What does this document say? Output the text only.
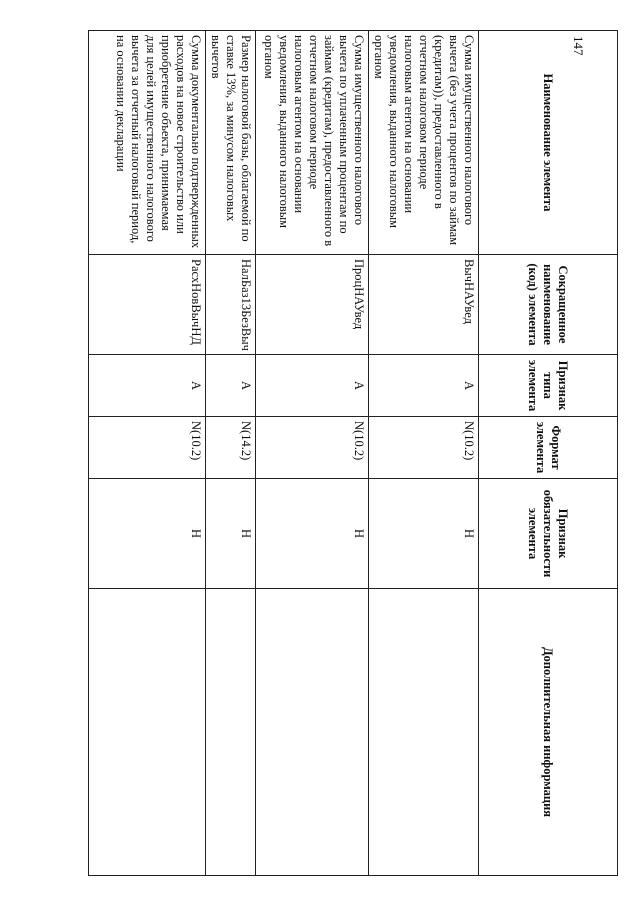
147
Наименование элемента	Сокращенное наименование (код) элемента	Признак типа элемента	Формат элемента	Признак обязательности элемента	Дополнительная информация
Сумма имущественного налогового вычета (без учета процентов по займам (кредитам)), предоставленного в отчетном налоговом периоде налоговым агентом на основании уведомления, выданного налоговым органом	ВычНАУвед	А	N(10.2)	Н	
Сумма имущественного налогового вычета по уплаченным процентам по займам (кредитам), предоставленного в отчетном налоговом периоде налоговым агентом на основании уведомления, выданного налоговым органом	ПроцНАУвед	А	N(10.2)	Н	
Размер налоговой базы, облагаемой по ставке 13%, за минусом налоговых вычетов	НалБаз13БезВыч	А	N(14.2)	Н	
Сумма документально подтвержденных расходов на новое строительство или приобретение объекта, принимаемая для целей имущественного налогового вычета за отчетный налоговый период, на основании декларации	РасхНовВычНД	А	N(10.2)	Н	
